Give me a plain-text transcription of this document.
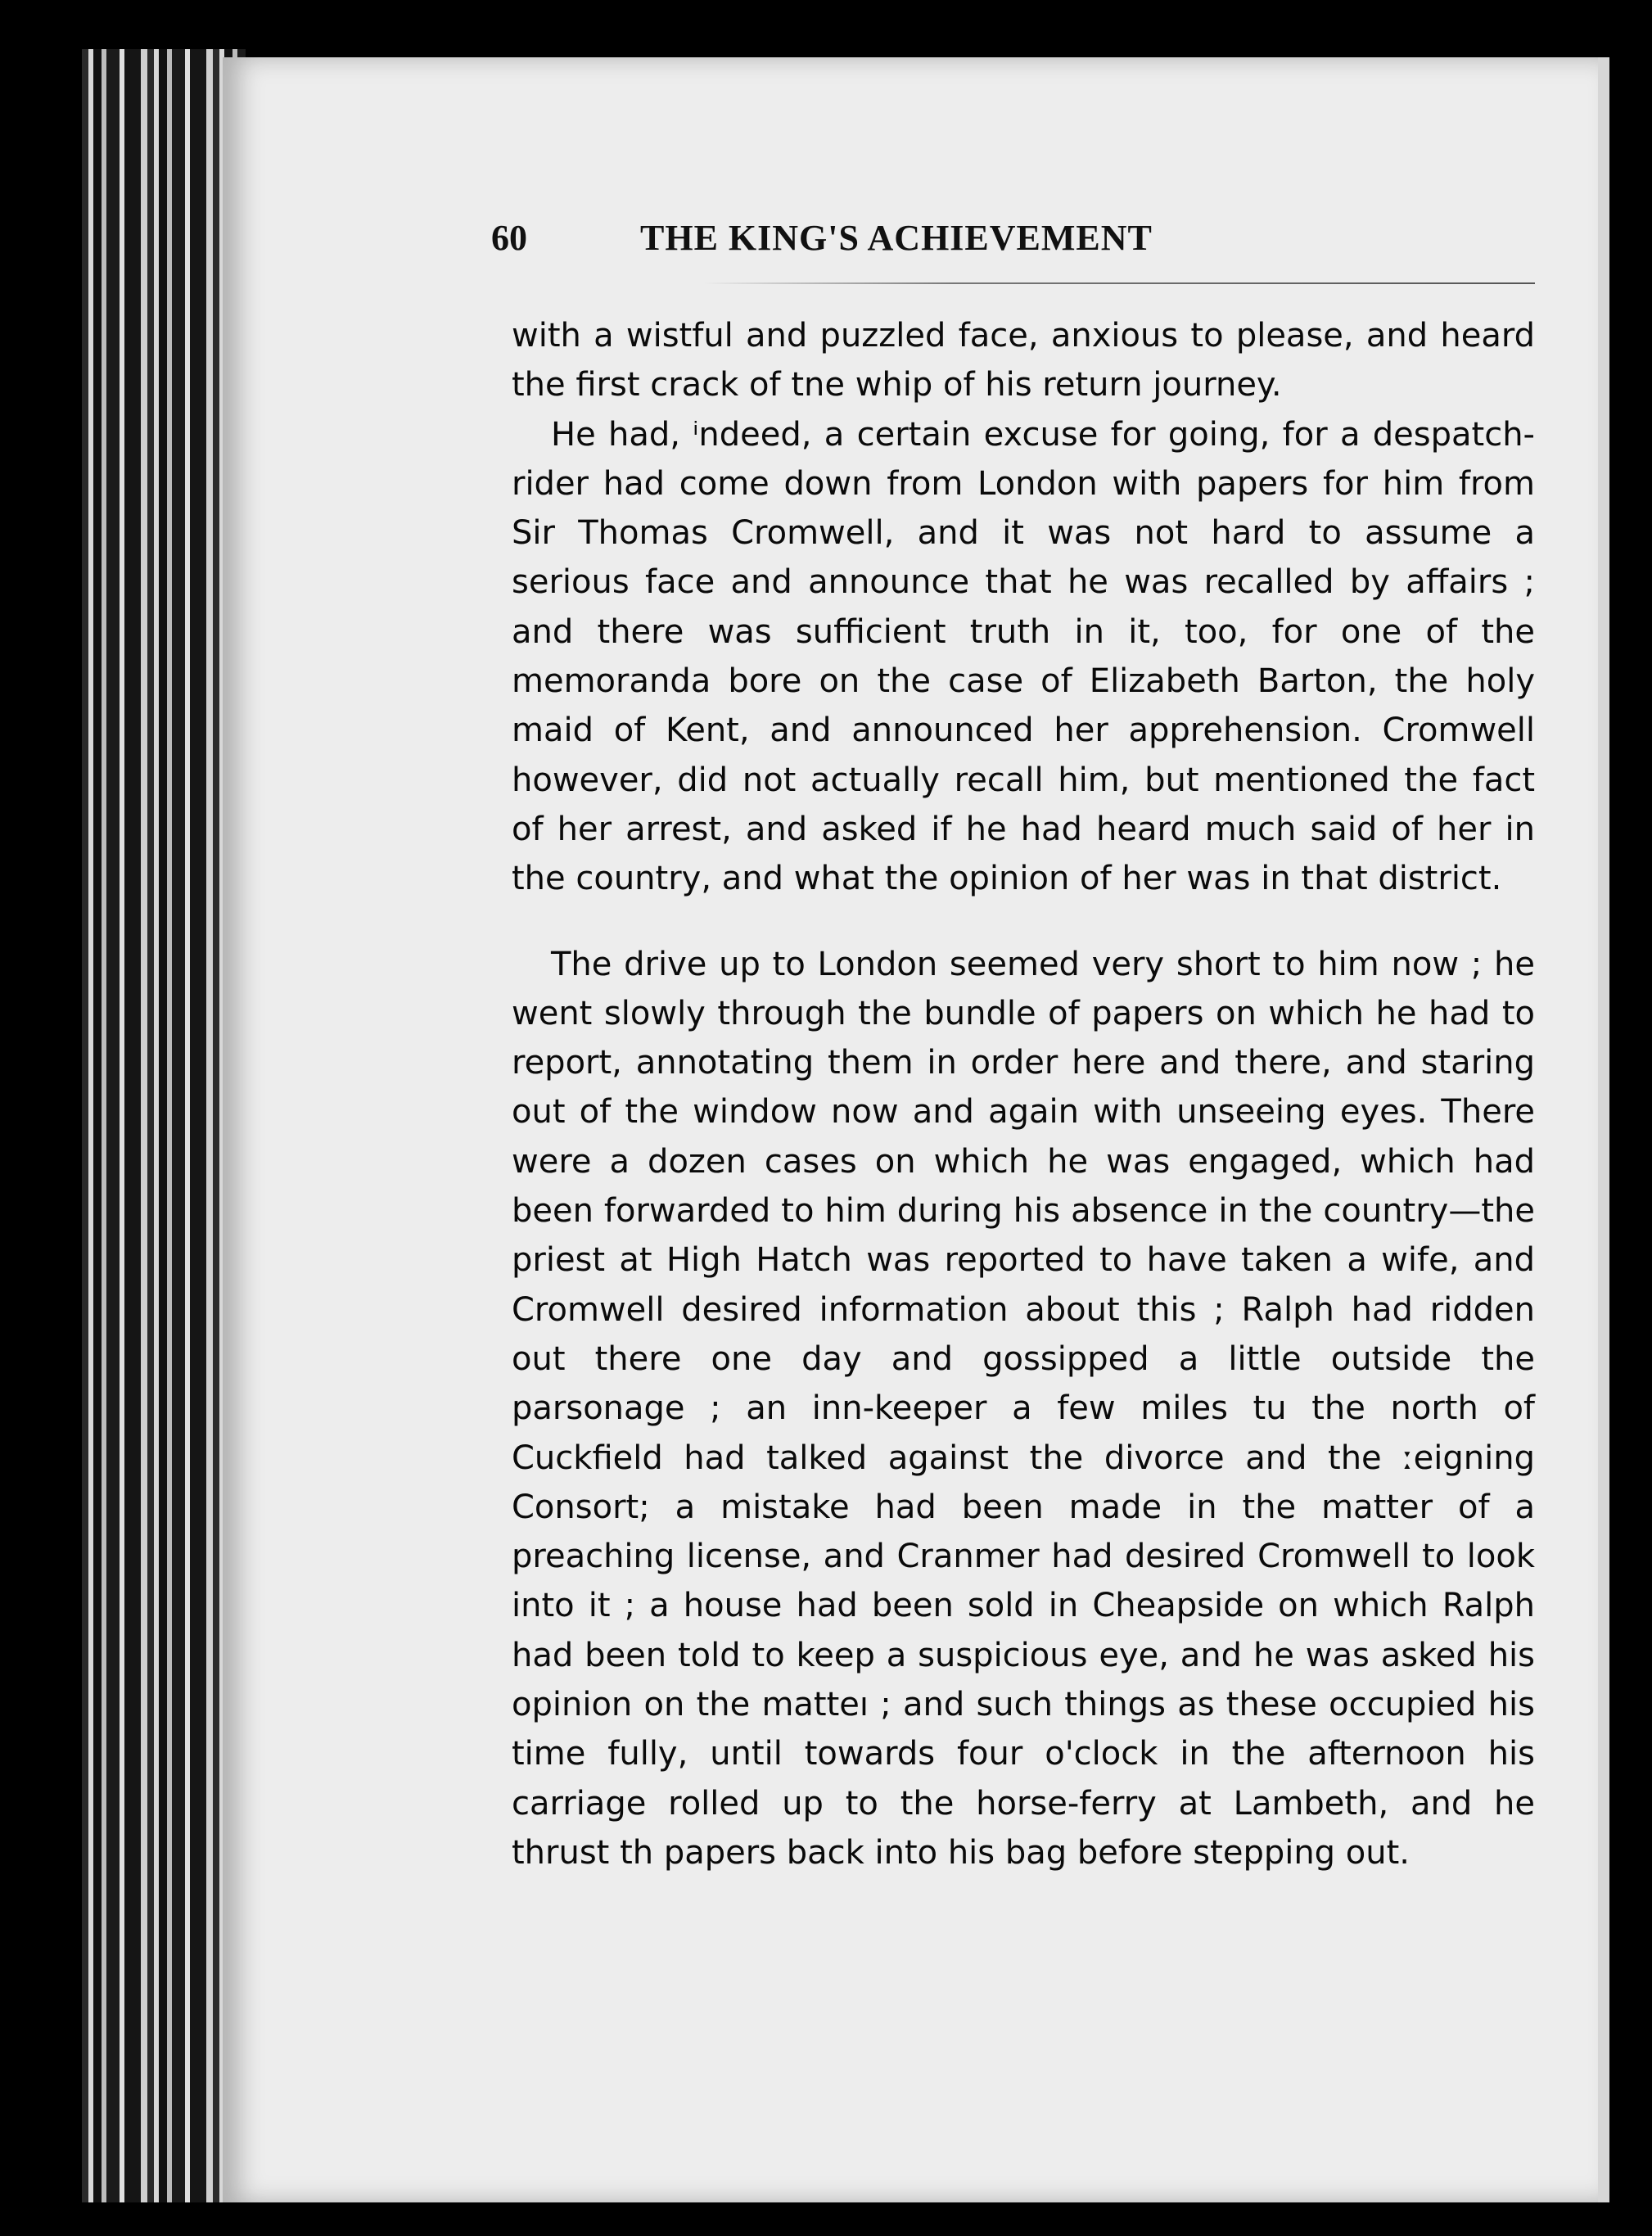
60	THE KING'S ACHIEVEMENT

with a wistful and puzzled face, anxious to please, and heard the first crack of tne whip of his return journey.

He had, ⁱndeed, a certain excuse for going, for a despatch-rider had come down from London with papers for him from Sir Thomas Cromwell, and it was not hard to assume a serious face and announce that he was recalled by affairs ; and there was sufficient truth in it, too, for one of the memoranda bore on the case of Elizabeth Barton, the holy maid of Kent, and announced her apprehension. Cromwell however, did not actually recall him, but mentioned the fact of her arrest, and asked if he had heard much said of her in the country, and what the opinion of her was in that district.

The drive up to London seemed very short to him now ; he went slowly through the bundle of papers on which he had to report, annotating them in order here and there, and staring out of the window now and again with unseeing eyes. There were a dozen cases on which he was engaged, which had been forwarded to him during his absence in the country—the priest at High Hatch was reported to have taken a wife, and Cromwell desired information about this ; Ralph had ridden out there one day and gossipped a little outside the parsonage ; an inn-keeper a few miles tu the north of Cuckfield had talked against the divorce and the ːeigning Consort; a mistake had been made in the matter of a preaching license, and Cranmer had desired Cromwell to look into it ; a house had been sold in Cheapside on which Ralph had been told to keep a suspicious eye, and he was asked his opinion on the matteı ; and such things as these occupied his time fully, until towards four o'clock in the afternoon his carriage rolled up to the horse-ferry at Lambeth, and he thrust th papers back into his bag before stepping out.
